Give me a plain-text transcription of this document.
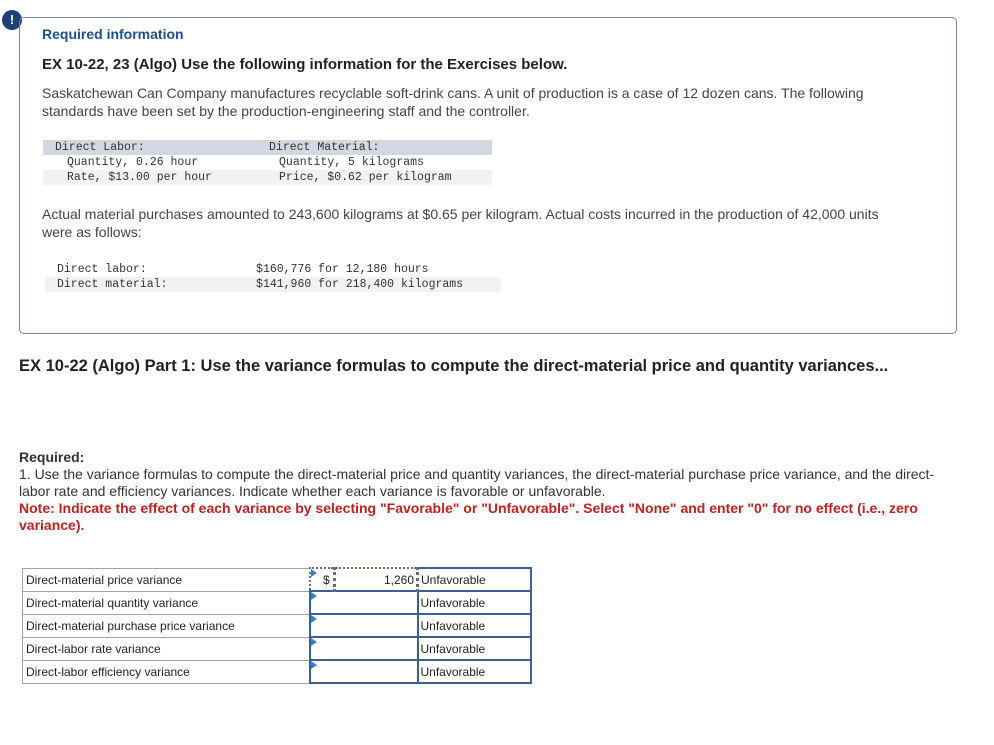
!
Required information
EX 10-22, 23 (Algo) Use the following information for the Exercises below.
Saskatchewan Can Company manufactures recyclable soft-drink cans. A unit of production is a case of 12 dozen cans. The following standards have been set by the production-engineering staff and the controller.
Direct Labor:	Direct Material:
Quantity, 0.26 hour	Quantity, 5 kilograms
Rate, $13.00 per hour	Price, $0.62 per kilogram
Actual material purchases amounted to 243,600 kilograms at $0.65 per kilogram. Actual costs incurred in the production of 42,000 units were as follows:
Direct labor:	$160,776 for 12,180 hours
Direct material:	$141,960 for 218,400 kilograms
EX 10-22 (Algo) Part 1: Use the variance formulas to compute the direct-material price and quantity variances...
Required:
1. Use the variance formulas to compute the direct-material price and quantity variances, the direct-material purchase price variance, and the direct-labor rate and efficiency variances. Indicate whether each variance is favorable or unfavorable.
Note: Indicate the effect of each variance by selecting "Favorable" or "Unfavorable". Select "None" and enter "0" for no effect (i.e., zero variance).
Direct-material price variance	$	1,260	Unfavorable
Direct-material quantity variance			Unfavorable
Direct-material purchase price variance			Unfavorable
Direct-labor rate variance			Unfavorable
Direct-labor efficiency variance			Unfavorable
